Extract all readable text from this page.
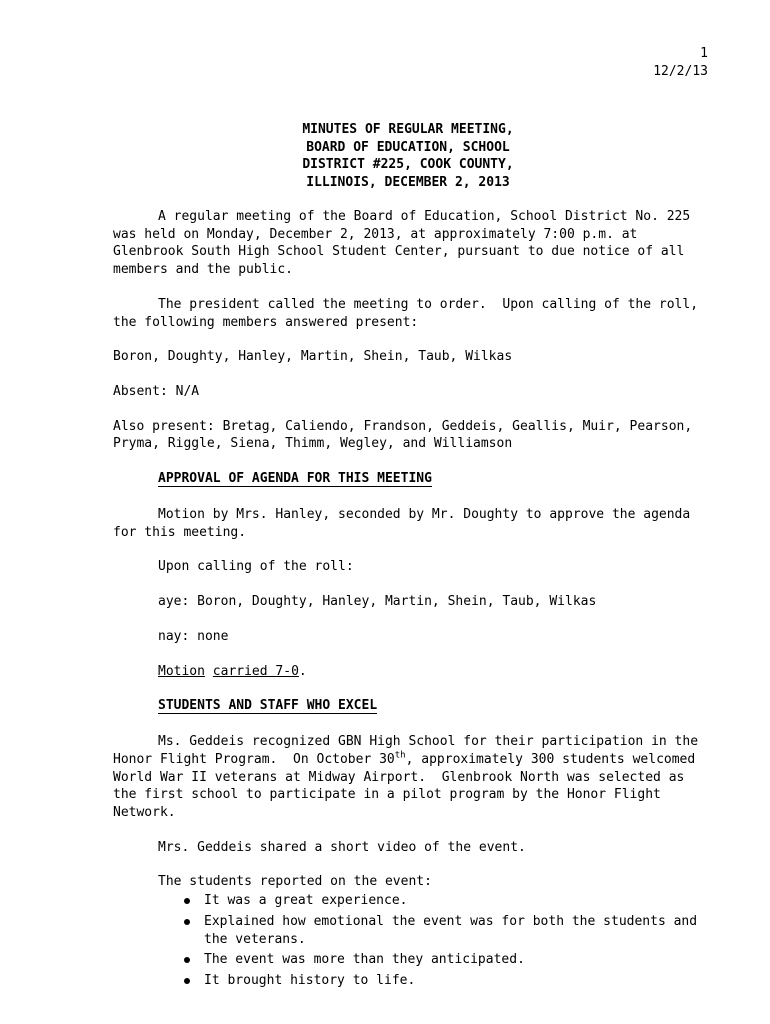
1
12/2/13
MINUTES OF REGULAR MEETING,
BOARD OF EDUCATION, SCHOOL
DISTRICT #225, COOK COUNTY,
ILLINOIS, DECEMBER 2, 2013

A regular meeting of the Board of Education, School District No. 225 was held on Monday, December 2, 2013, at approximately 7:00 p.m. at Glenbrook South High School Student Center, pursuant to due notice of all members and the public.

The president called the meeting to order.  Upon calling of the roll, the following members answered present:

Boron, Doughty, Hanley, Martin, Shein, Taub, Wilkas

Absent: N/A

Also present: Bretag, Caliendo, Frandson, Geddeis, Geallis, Muir, Pearson, Pryma, Riggle, Siena, Thimm, Wegley, and Williamson

APPROVAL OF AGENDA FOR THIS MEETING

Motion by Mrs. Hanley, seconded by Mr. Doughty to approve the agenda for this meeting.

Upon calling of the roll:

aye: Boron, Doughty, Hanley, Martin, Shein, Taub, Wilkas

nay: none

Motion carried 7-0.

STUDENTS AND STAFF WHO EXCEL

Ms. Geddeis recognized GBN High School for their participation in the Honor Flight Program.  On October 30th, approximately 300 students welcomed World War II veterans at Midway Airport.  Glenbrook North was selected as the first school to participate in a pilot program by the Honor Flight Network.

Mrs. Geddeis shared a short video of the event.

The students reported on the event:

It was a great experience.
Explained how emotional the event was for both the students and the veterans.
The event was more than they anticipated.
It brought history to life.
